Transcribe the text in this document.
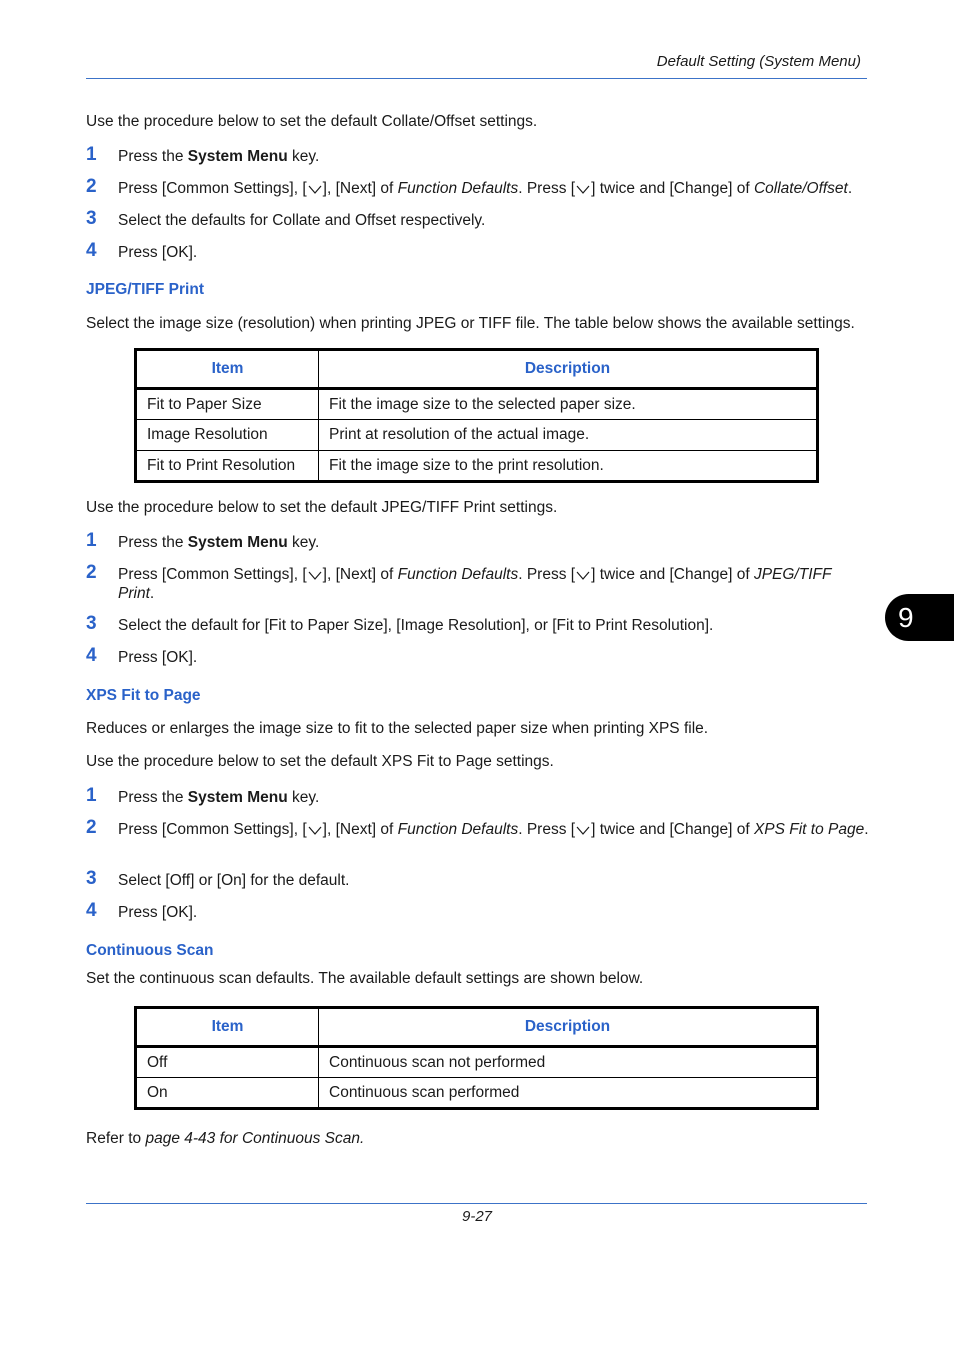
Default Setting (System Menu)
Use the procedure below to set the default Collate/Offset settings.
1 Press the System Menu key.
2 Press [Common Settings], [ ], [Next] of Function Defaults. Press [ ] twice and [Change] of Collate/Offset.
3 Select the defaults for Collate and Offset respectively.
4 Press [OK].
JPEG/TIFF Print
Select the image size (resolution) when printing JPEG or TIFF file. The table below shows the available settings.
Item	Description
Fit to Paper Size	Fit the image size to the selected paper size.
Image Resolution	Print at resolution of the actual image.
Fit to Print Resolution	Fit the image size to the print resolution.
Use the procedure below to set the default JPEG/TIFF Print settings.
1 Press the System Menu key.
2 Press [Common Settings], [ ], [Next] of Function Defaults. Press [ ] twice and [Change] of JPEG/TIFF Print.
3 Select the default for [Fit to Paper Size], [Image Resolution], or [Fit to Print Resolution].
4 Press [OK].
XPS Fit to Page
Reduces or enlarges the image size to fit to the selected paper size when printing XPS file.
Use the procedure below to set the default XPS Fit to Page settings.
1 Press the System Menu key.
2 Press [Common Settings], [ ], [Next] of Function Defaults. Press [ ] twice and [Change] of XPS Fit to Page.
3 Select [Off] or [On] for the default.
4 Press [OK].
Continuous Scan
Set the continuous scan defaults. The available default settings are shown below.
Item	Description
Off	Continuous scan not performed
On	Continuous scan performed
Refer to page 4-43 for Continuous Scan.
9
9-27
